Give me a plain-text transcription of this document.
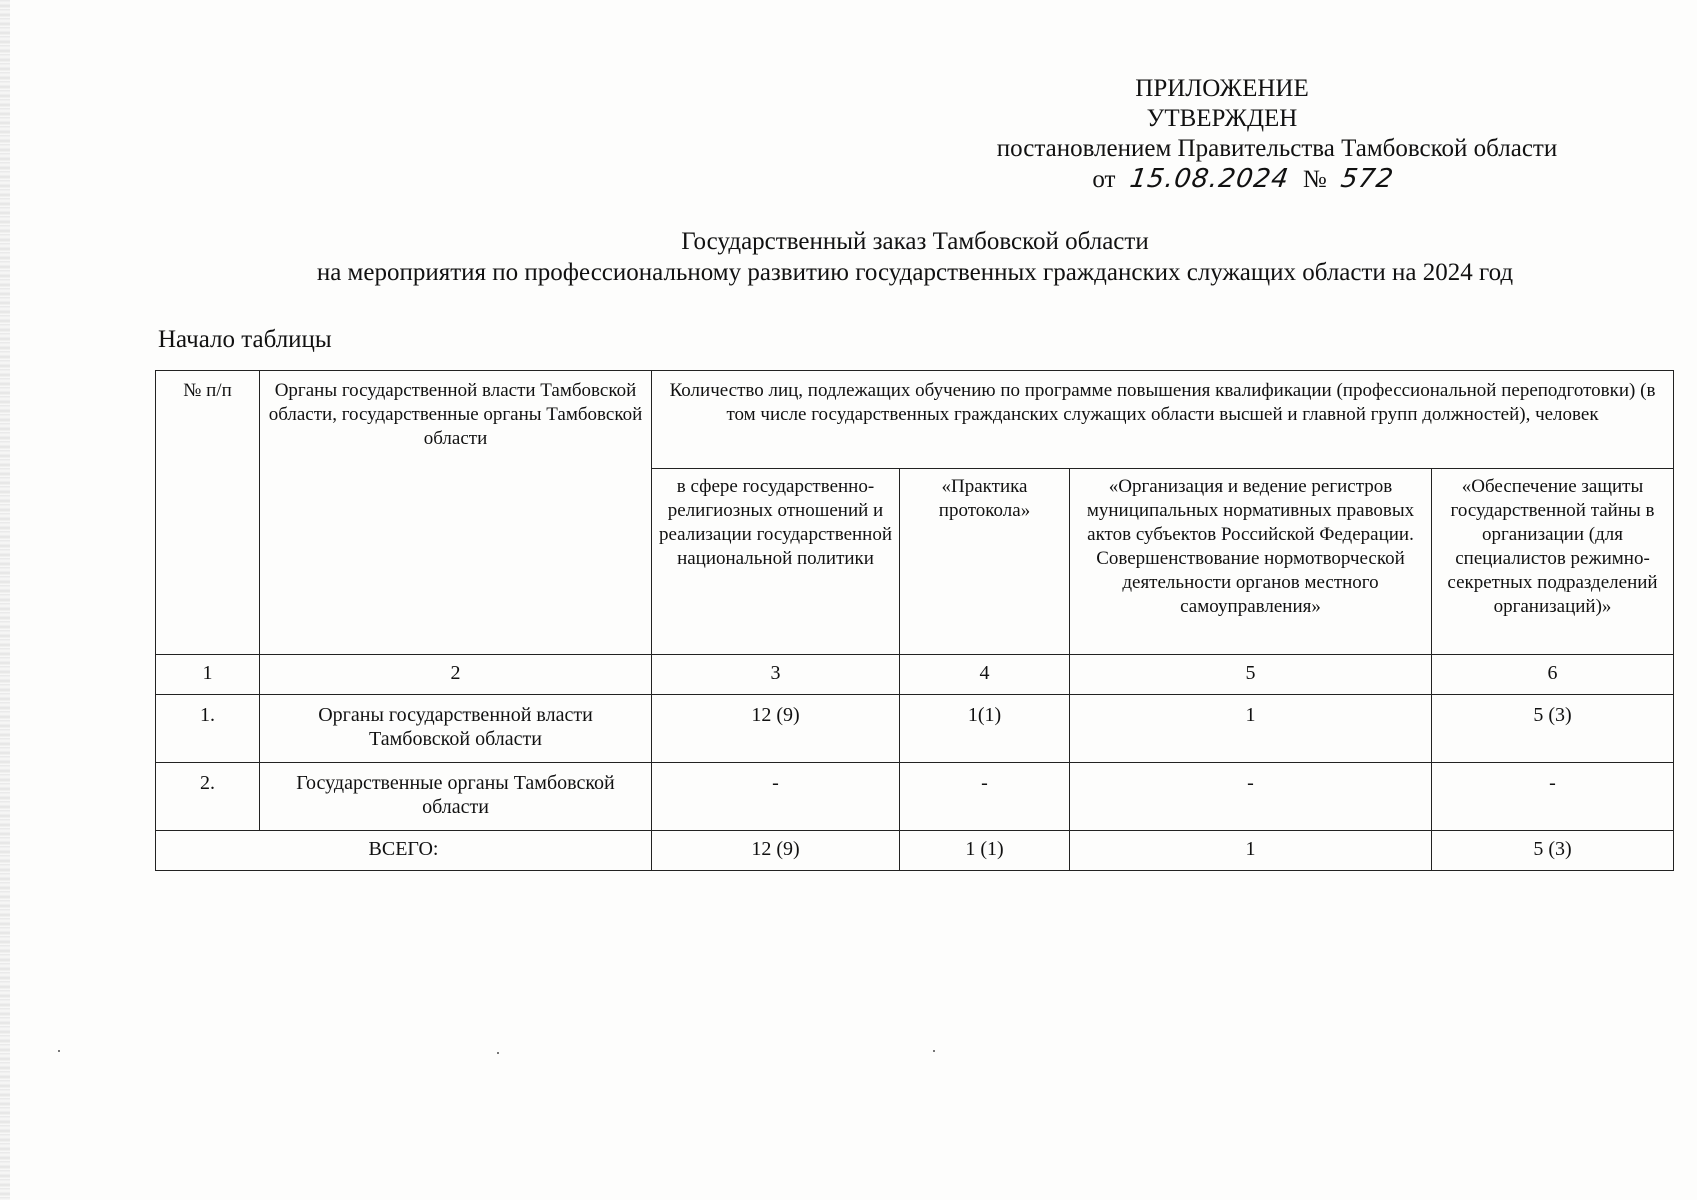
ПРИЛОЖЕНИЕ
УТВЕРЖДЕН
постановлением Правительства Тамбовской области
от 15.08.2024 № 572
Государственный заказ Тамбовской области
на мероприятия по профессиональному развитию государственных гражданских служащих области на 2024 год
Начало таблицы
№ п/п	Органы государственной власти Тамбовской области, государственные органы Тамбовской области	Количество лиц, подлежащих обучению по программе повышения квалификации (профессиональной переподготовки) (в том числе государственных гражданских служащих области высшей и главной групп должностей), человек			
		в сфере государственно-религиозных отношений и реализации государственной национальной политики	«Практика протокола»	«Организация и ведение регистров муниципальных нормативных правовых актов субъектов Российской Федерации. Совершенствование нормотворческой деятельности органов местного самоуправления»	«Обеспечение защиты государственной тайны в организации (для специалистов режимно-секретных подразделений организаций)»
1	2	3	4	5	6
1.	Органы государственной власти Тамбовской области	12 (9)	1(1)	1	5 (3)
2.	Государственные органы Тамбовской области	-	-	-	-
ВСЕГО:		12 (9)	1 (1)	1	5 (3)
